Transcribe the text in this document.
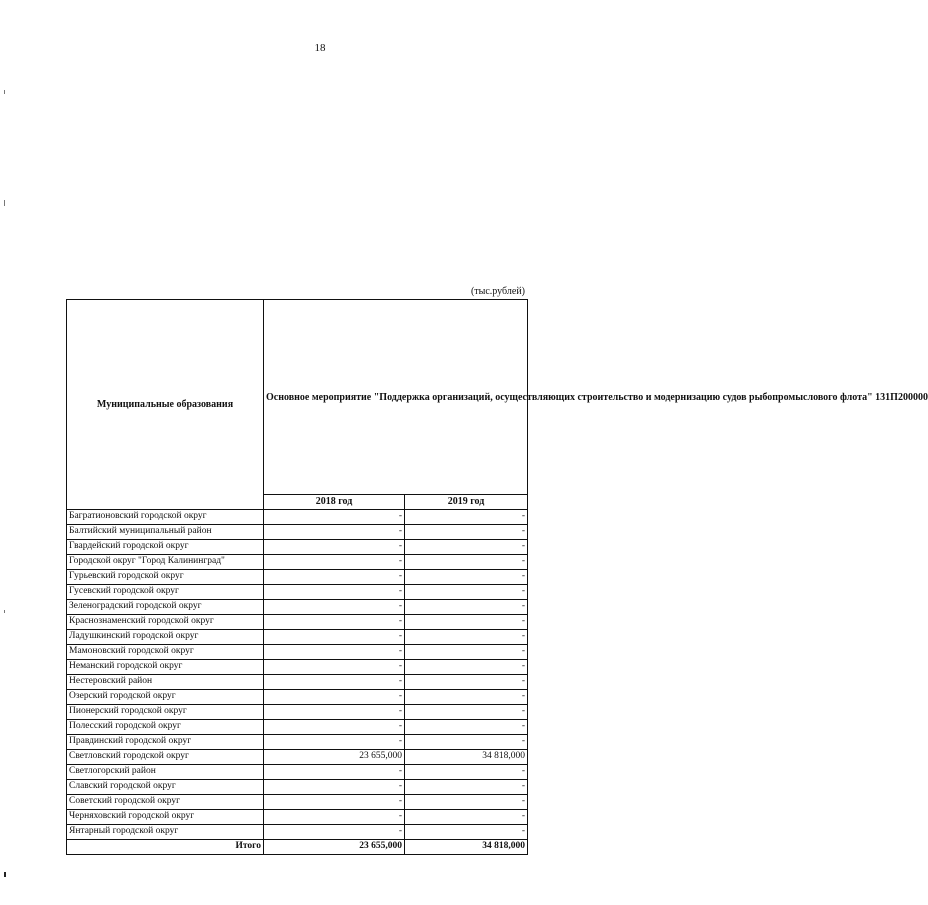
18
(тыс.рублей)
Муниципальные образования	Основное мероприятие "Поддержка организаций, осуществляющих строительство и модернизацию судов рыбопромыслового флота" 131П200000	
	2018 год	2019 год
Багратионовский городской округ	-	-
Балтийский муниципальный район	-	-
Гвардейский городской округ	-	-
Городской округ "Город Калининград"	-	-
Гурьевский городской округ	-	-
Гусевский городской округ	-	-
Зеленоградский городской округ	-	-
Краснознаменский городской округ	-	-
Ладушкинский городской округ	-	-
Мамоновский городской округ	-	-
Неманский городской округ	-	-
Нестеровский район	-	-
Озерский городской округ	-	-
Пионерский городской округ	-	-
Полесский городской округ	-	-
Правдинский городской округ	-	-
Светловский городской округ	23 655,000	34 818,000
Светлогорский район	-	-
Славский городской округ	-	-
Советский городской округ	-	-
Черняховский городской округ	-	-
Янтарный городской округ	-	-
Итого	23 655,000	34 818,000
